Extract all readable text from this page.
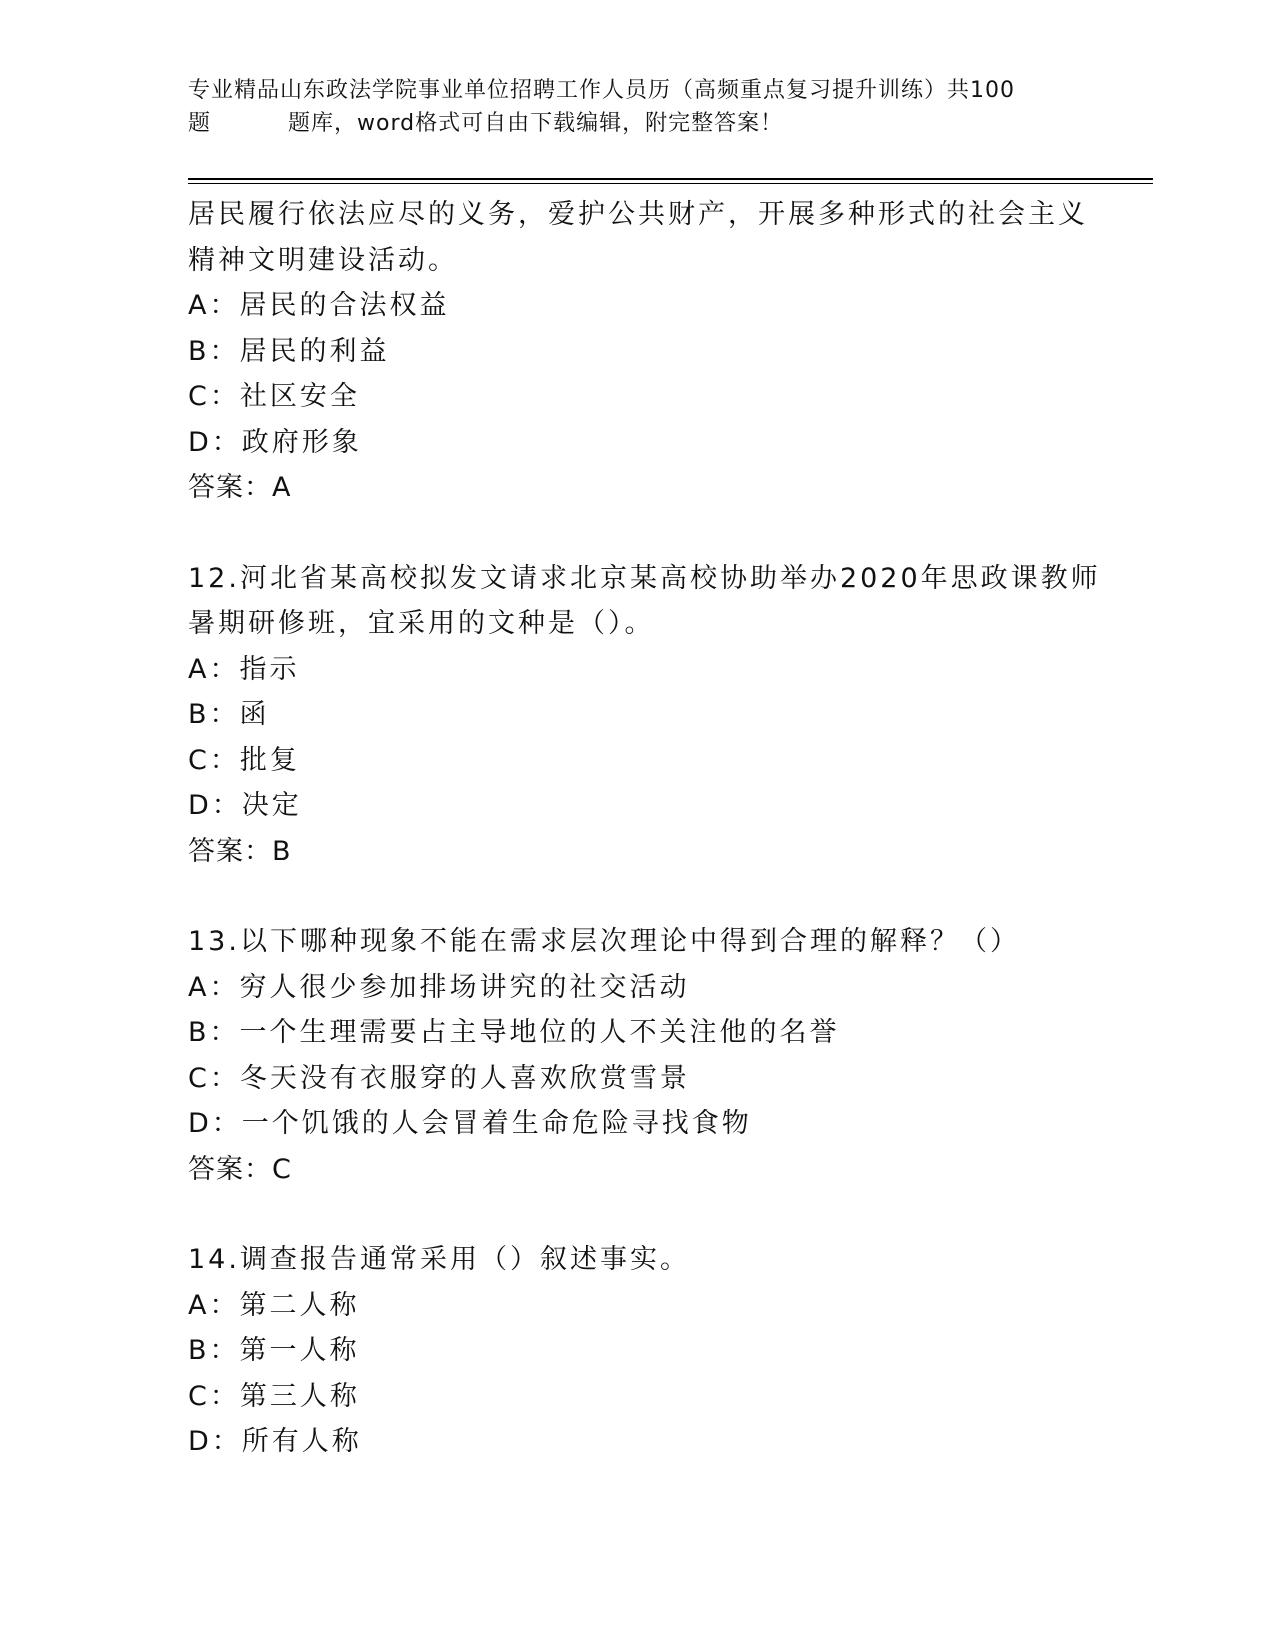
专业精品山东政法学院事业单位招聘工作人员历（高频重点复习提升训练）共100
题	题库，word格式可自由下载编辑，附完整答案！
居民履行依法应尽的义务，爱护公共财产，开展多种形式的社会主义
精神文明建设活动。
A：居民的合法权益
B：居民的利益
C：社区安全
D：政府形象
答案：A
12.河北省某高校拟发文请求北京某高校协助举办2020年思政课教师
暑期研修班，宜采用的文种是（）。
A：指示
B：函
C：批复
D：决定
答案：B
13.以下哪种现象不能在需求层次理论中得到合理的解释？（）
A：穷人很少参加排场讲究的社交活动
B：一个生理需要占主导地位的人不关注他的名誉
C：冬天没有衣服穿的人喜欢欣赏雪景
D：一个饥饿的人会冒着生命危险寻找食物
答案：C
14.调查报告通常采用（）叙述事实。
A：第二人称
B：第一人称
C：第三人称
D：所有人称
